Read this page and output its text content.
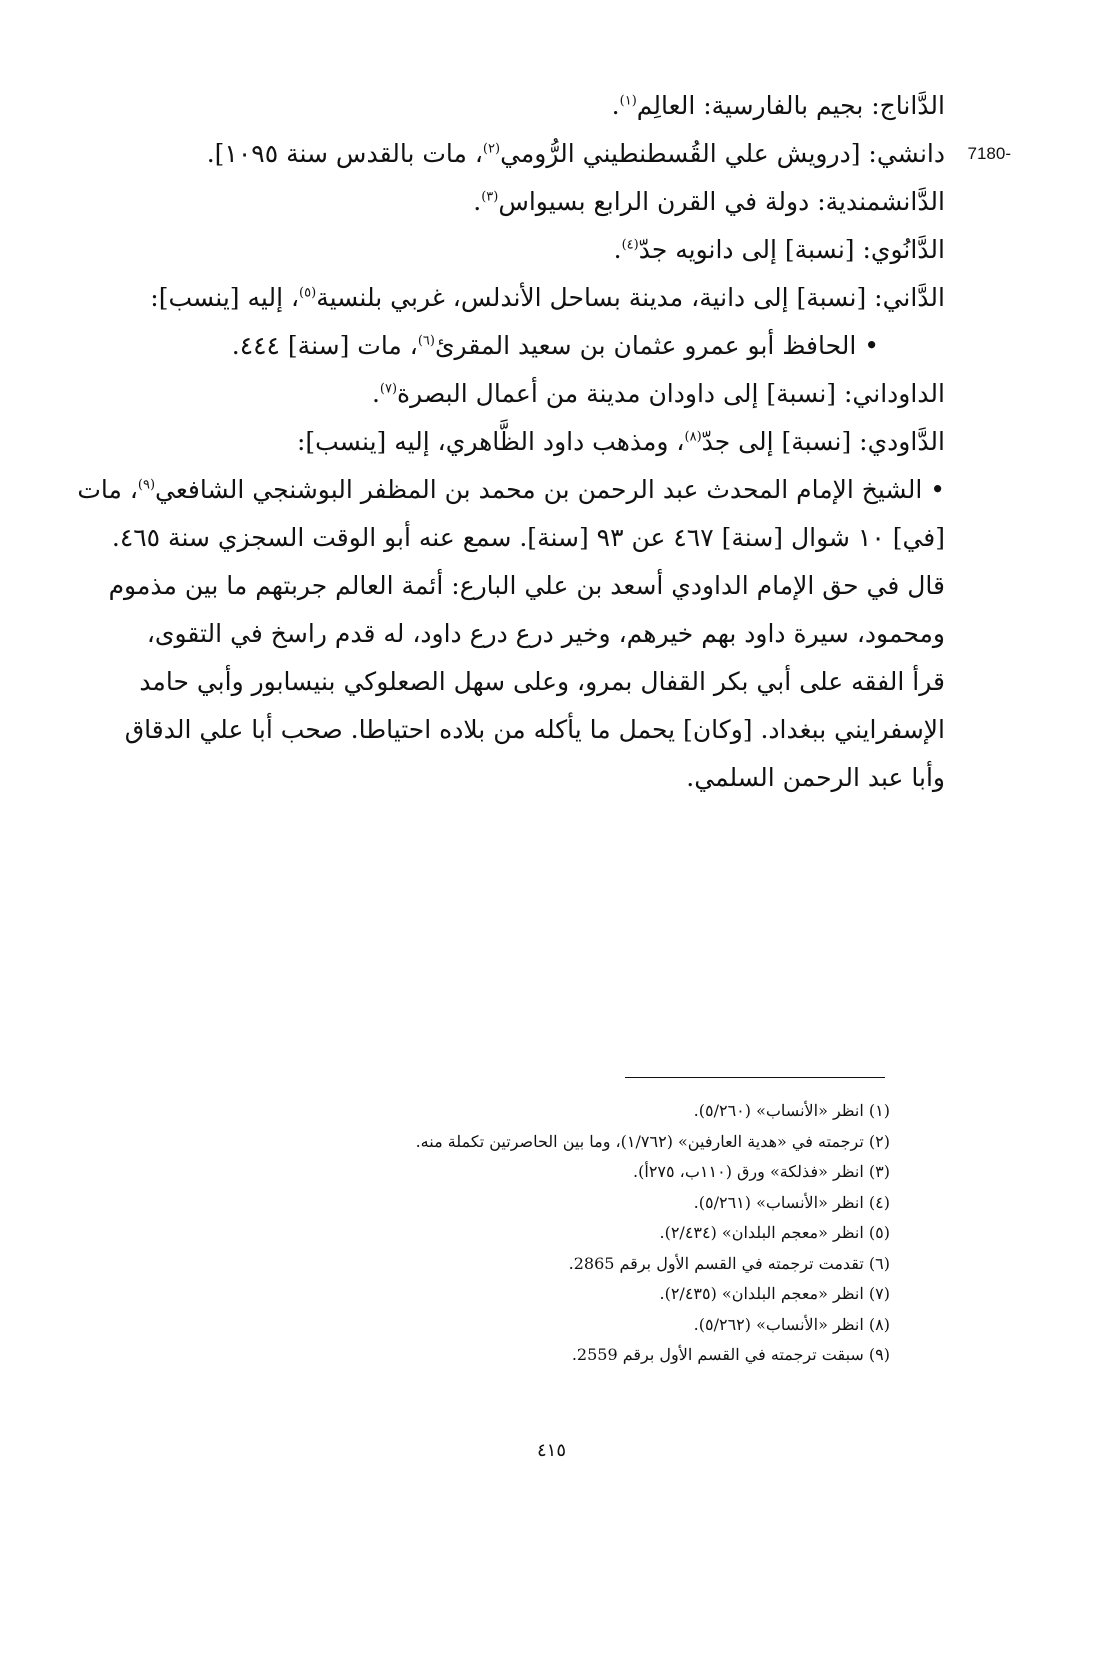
الدَّاناج: بجيم بالفارسية: العالِم$^{(١)}$.
7180-
دانشي: [درويش علي القُسطنطيني الرُّومي$^{(٢)}$، مات بالقدس سنة ١٠٩٥].
الدَّانشمندية: دولة في القرن الرابع بسيواس$^{(٣)}$.
الدَّانُوي: [نسبة] إلى دانويه جدّ$^{(٤)}$.
الدَّاني: [نسبة] إلى دانية، مدينة بساحل الأندلس، غربي بلنسية$^{(٥)}$، إليه [ينسب]:
• الحافظ أبو عمرو عثمان بن سعيد المقرئ$^{(٦)}$، مات [سنة] ٤٤٤.
الداوداني: [نسبة] إلى داودان مدينة من أعمال البصرة$^{(٧)}$.
الدَّاودي: [نسبة] إلى جدّ$^{(٨)}$، ومذهب داود الظَّاهري، إليه [ينسب]:
• الشيخ الإمام المحدث عبد الرحمن بن محمد بن المظفر البوشنجي الشافعي$^{(٩)}$، مات
[في] ١٠ شوال [سنة] ٤٦٧ عن ٩٣ [سنة]. سمع عنه أبو الوقت السجزي سنة ٤٦٥.
قال في حق الإمام الداودي أسعد بن علي البارع: أئمة العالم جربتهم ما بين مذموم
ومحمود، سيرة داود بهم خيرهم، وخير درع درع داود، له قدم راسخ في التقوى،
قرأ الفقه على أبي بكر القفال بمرو، وعلى سهل الصعلوكي بنيسابور وأبي حامد
الإسفرايني ببغداد. [وكان] يحمل ما يأكله من بلاده احتياطا. صحب أبا علي الدقاق
وأبا عبد الرحمن السلمي.
(١) انظر «الأنساب» (٥/٢٦٠).
(٢) ترجمته في «هدية العارفين» (١/٧٦٢)، وما بين الحاصرتين تكملة منه.
(٣) انظر «فذلكة» ورق (١١٠ب، ٢٧٥أ).
(٤) انظر «الأنساب» (٥/٢٦١).
(٥) انظر «معجم البلدان» (٢/٤٣٤).
(٦) تقدمت ترجمته في القسم الأول برقم 2865.
(٧) انظر «معجم البلدان» (٢/٤٣٥).
(٨) انظر «الأنساب» (٥/٢٦٢).
(٩) سبقت ترجمته في القسم الأول برقم 2559.
٤١٥
